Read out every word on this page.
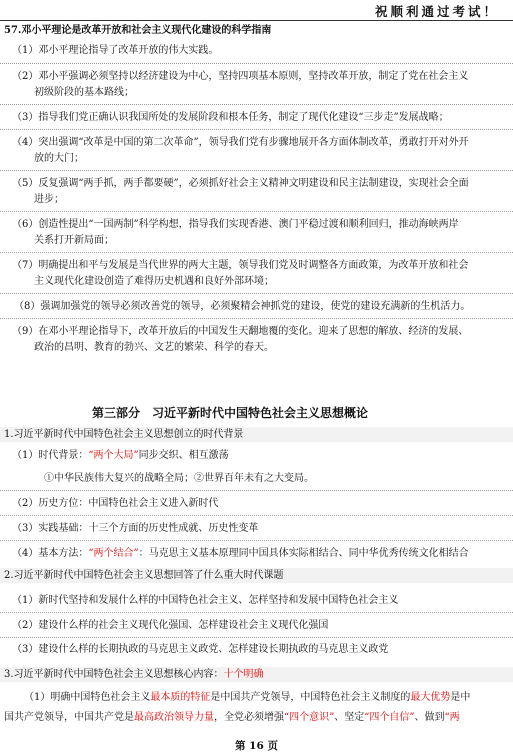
祝顺利通过考试！
57.邓小平理论是改革开放和社会主义现代化建设的科学指南
（1）邓小平理论指导了改革开放的伟大实践。
（2）邓小平强调必须坚持以经济建设为中心，坚持四项基本原则，坚持改革开放，制定了党在社会主义
初级阶段的基本路线；
（3）指导我们党正确认识我国所处的发展阶段和根本任务，制定了现代化建设“三步走”发展战略；
（4）突出强调“改革是中国的第二次革命”，领导我们党有步骤地展开各方面体制改革，勇敢打开对外开
放的大门；
（5）反复强调“两手抓，两手都要硬”，必须抓好社会主义精神文明建设和民主法制建设，实现社会全面
进步；
（6）创造性提出“一国两制”科学构想，指导我们实现香港、澳门平稳过渡和顺利回归，推动海峡两岸
关系打开新局面；
（7）明确提出和平与发展是当代世界的两大主题，领导我们党及时调整各方面政策，为改革开放和社会
主义现代化建设创造了难得历史机遇和良好外部环境；
（8）强调加强党的领导必须改善党的领导，必须聚精会神抓党的建设，使党的建设充满新的生机活力。
（9）在邓小平理论指导下，改革开放后的中国发生天翻地覆的变化。迎来了思想的解放、经济的发展、
政治的昌明、教育的勃兴、文艺的繁荣、科学的春天。
第三部分　习近平新时代中国特色社会主义思想概论
1.习近平新时代中国特色社会主义思想创立的时代背景
（1）时代背景：“两个大局”同步交织、相互激荡
①中华民族伟大复兴的战略全局；②世界百年未有之大变局。
（2）历史方位：中国特色社会主义进入新时代
（3）实践基础：十三个方面的历史性成就、历史性变革
（4）基本方法：“两个结合”：马克思主义基本原理同中国具体实际相结合、同中华优秀传统文化相结合
2.习近平新时代中国特色社会主义思想回答了什么重大时代课题
（1）新时代坚持和发展什么样的中国特色社会主义、怎样坚持和发展中国特色社会主义
（2）建设什么样的社会主义现代化强国、怎样建设社会主义现代化强国
（3）建设什么样的长期执政的马克思主义政党、怎样建设长期执政的马克思主义政党
3.习近平新时代中国特色社会主义思想核心内容：十个明确
（1）明确中国特色社会主义最本质的特征是中国共产党领导，中国特色社会主义制度的最大优势是中
国共产党领导，中国共产党是最高政治领导力量，全党必须增强“四个意识”、坚定“四个自信”、做到“两
第 16 页
